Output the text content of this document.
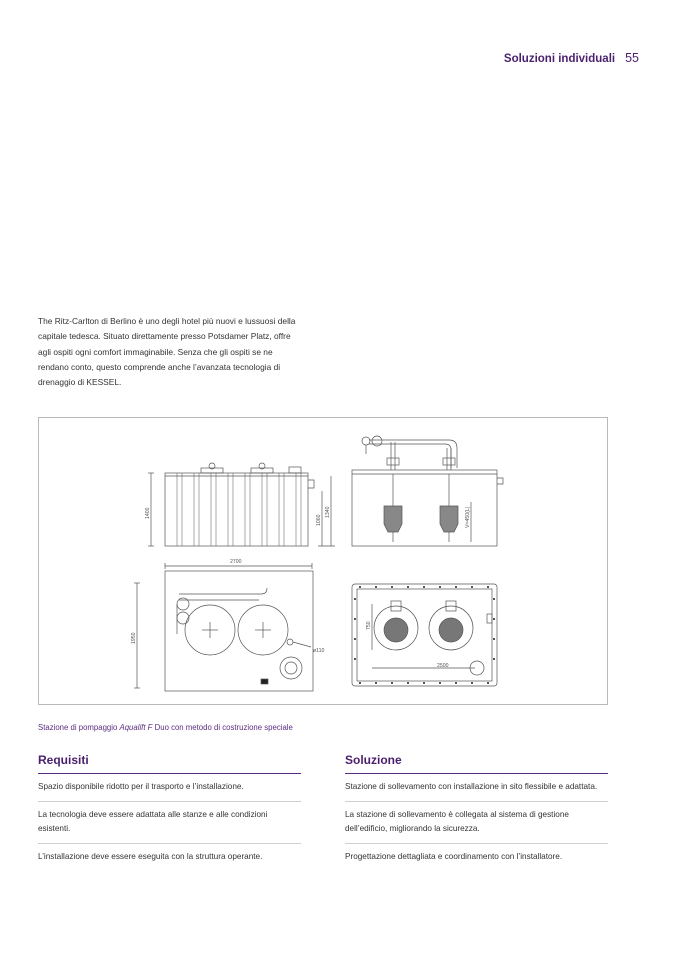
Soluzioni individuali 55
The Ritz-Carlton di Berlino è uno degli hotel più nuovi e lussuosi della capitale tedesca. Situato direttamente presso Potsdamer Platz, offre agli ospiti ogni comfort immaginabile. Senza che gli ospiti se ne rendano conto, questo comprende anche l’avanzata tecnologia di drenaggio di KESSEL.
1400
1060
1340	V=450(L)
2700
ø110
1950
2500
750
Stazione di pompaggio Aqualift F Duo con metodo di costruzione speciale
Requisiti
Spazio disponibile ridotto per il trasporto e l’installazione.
La tecnologia deve essere adattata alle stanze e alle condizioni esistenti.
L’installazione deve essere eseguita con la struttura operante.
Soluzione
Stazione di sollevamento con installazione in sito flessibile e adattata.
La stazione di sollevamento è collegata al sistema di gestione dell’edificio, migliorando la sicurezza.
Progettazione dettagliata e coordinamento con l’installatore.
